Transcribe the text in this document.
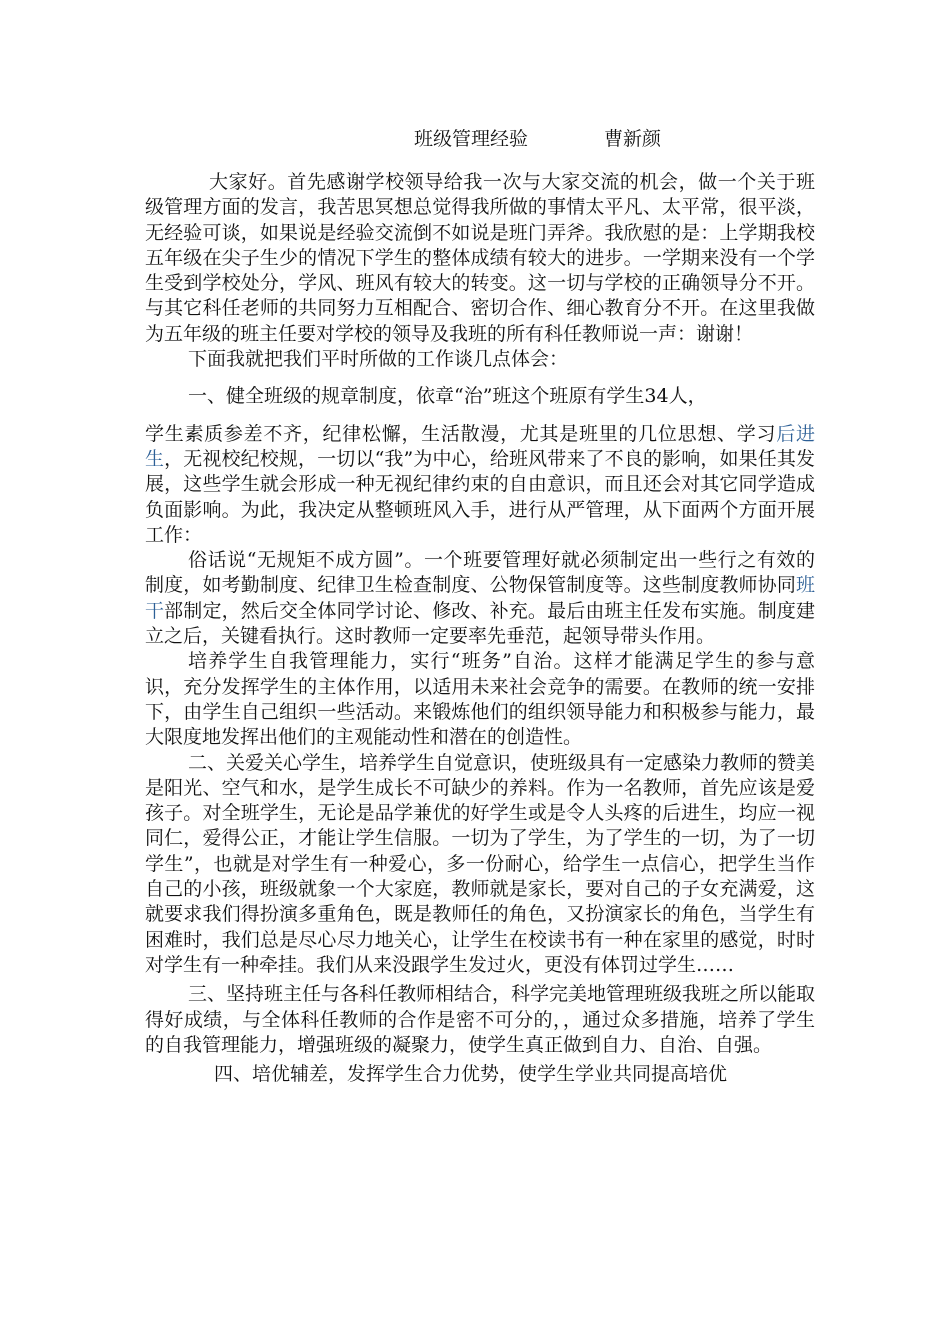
班级管理经验	曹新颜

大家好。首先感谢学校领导给我一次与大家交流的机会，做一个关于班级管理方面的发言，我苦思冥想总觉得我所做的事情太平凡、太平常，很平淡，无经验可谈，如果说是经验交流倒不如说是班门弄斧。我欣慰的是：上学期我校五年级在尖子生少的情况下学生的整体成绩有较大的进步。一学期来没有一个学生受到学校处分，学风、班风有较大的转变。这一切与学校的正确领导分不开。与其它科任老师的共同努力互相配合、密切合作、细心教育分不开。在这里我做为五年级的班主任要对学校的领导及我班的所有科任教师说一声：谢谢！

下面我就把我们平时所做的工作谈几点体会：

一、健全班级的规章制度，依章“治”班这个班原有学生34人，

学生素质参差不齐，纪律松懈，生活散漫，尤其是班里的几位思想、学习后进生，无视校纪校规，一切以“我”为中心，给班风带来了不良的影响，如果任其发展，这些学生就会形成一种无视纪律约束的自由意识，而且还会对其它同学造成负面影响。为此，我决定从整顿班风入手，进行从严管理，从下面两个方面开展工作：

俗话说“无规矩不成方圆”。一个班要管理好就必须制定出一些行之有效的制度，如考勤制度、纪律卫生检查制度、公物保管制度等。这些制度教师协同班干部制定，然后交全体同学讨论、修改、补充。最后由班主任发布实施。制度建立之后，关键看执行。这时教师一定要率先垂范，起领导带头作用。

培养学生自我管理能力，实行“班务”自治。这样才能满足学生的参与意识，充分发挥学生的主体作用，以适用未来社会竞争的需要。在教师的统一安排下，由学生自己组织一些活动。来锻炼他们的组织领导能力和积极参与能力，最大限度地发挥出他们的主观能动性和潜在的创造性。

二、关爱关心学生，培养学生自觉意识，使班级具有一定感染力教师的赞美是阳光、空气和水，是学生成长不可缺少的养料。作为一名教师，首先应该是爱孩子。对全班学生，无论是品学兼优的好学生或是令人头疼的后进生，均应一视同仁，爱得公正，才能让学生信服。一切为了学生，为了学生的一切，为了一切学生”，也就是对学生有一种爱心，多一份耐心，给学生一点信心，把学生当作自己的小孩，班级就象一个大家庭，教师就是家长，要对自己的子女充满爱，这就要求我们得扮演多重角色，既是教师任的角色，又扮演家长的角色，当学生有困难时，我们总是尽心尽力地关心，让学生在校读书有一种在家里的感觉，时时对学生有一种牵挂。我们从来没跟学生发过火，更没有体罚过学生……

三、坚持班主任与各科任教师相结合，科学完美地管理班级我班之所以能取得好成绩，与全体科任教师的合作是密不可分的，，通过众多措施，培养了学生的自我管理能力，增强班级的凝聚力，使学生真正做到自力、自治、自强。

四、培优辅差，发挥学生合力优势，使学生学业共同提高培优
